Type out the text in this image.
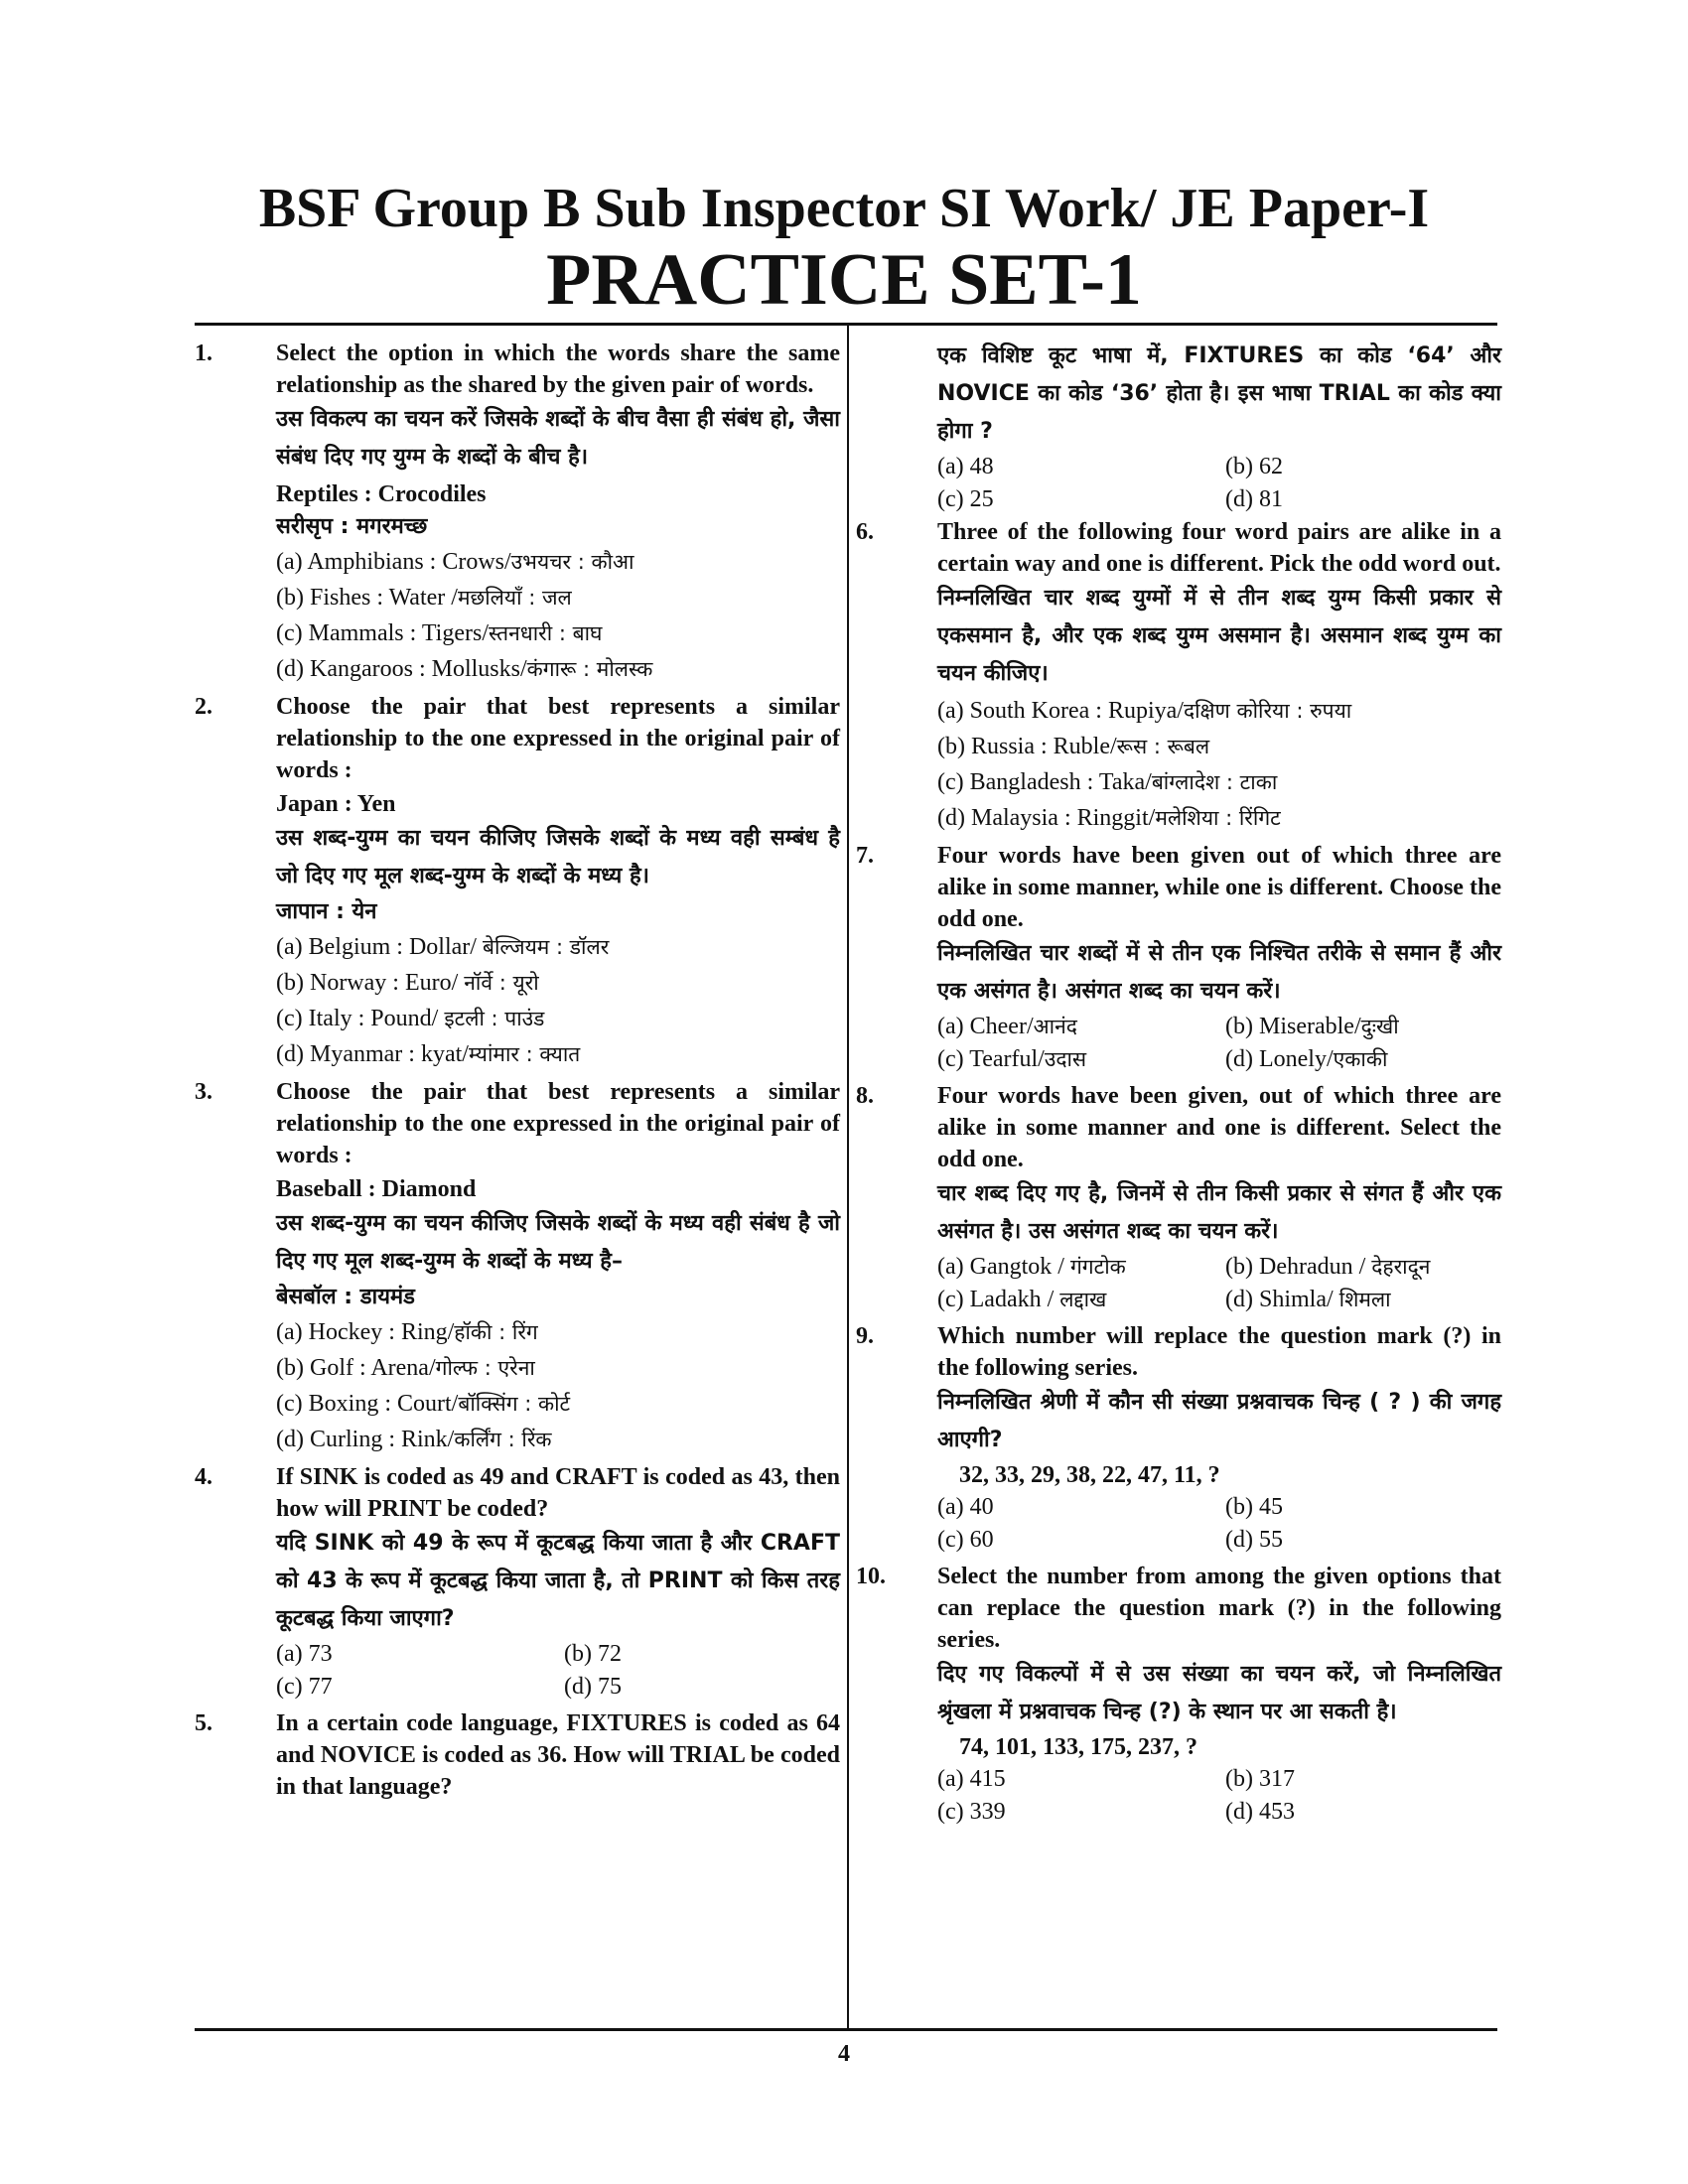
BSF Group B Sub Inspector SI Work/ JE Paper-I
PRACTICE SET-1
1.	Select the option in which the words share the same relationship as the shared by the given pair of words.
उस विकल्प का चयन करें जिसके शब्दों के बीच वैसा ही संबंध हो, जैसा संबंध दिए गए युग्म के शब्दों के बीच है।
Reptiles : Crocodiles
सरीसृप : मगरमच्छ
(a) Amphibians : Crows/उभयचर : कौआ
(b) Fishes : Water /मछलियाँ : जल
(c) Mammals : Tigers/स्तनधारी : बाघ
(d) Kangaroos : Mollusks/कंगारू : मोलस्क
2.	Choose the pair that best represents a similar relationship to the one expressed in the original pair of words :
Japan : Yen
उस शब्द-युग्म का चयन कीजिए जिसके शब्दों के मध्य वही सम्बंध है जो दिए गए मूल शब्द-युग्म के शब्दों के मध्य है।
जापान : येन
(a) Belgium : Dollar/ बेल्जियम : डॉलर
(b) Norway : Euro/ नॉर्वे : यूरो
(c) Italy : Pound/ इटली : पाउंड
(d) Myanmar : kyat/म्यांमार : क्यात
3.	Choose the pair that best represents a similar relationship to the one expressed in the original pair of words :
Baseball : Diamond
उस शब्द-युग्म का चयन कीजिए जिसके शब्दों के मध्य वही संबंध है जो दिए गए मूल शब्द-युग्म के शब्दों के मध्य है–
बेसबॉल : डायमंड
(a) Hockey : Ring/हॉकी : रिंग
(b) Golf : Arena/गोल्फ : एरेना
(c) Boxing : Court/बॉक्सिंग : कोर्ट
(d) Curling : Rink/कर्लिंग : रिंक
4.	If SINK is coded as 49 and CRAFT is coded as 43, then how will PRINT be coded?
यदि SINK को 49 के रूप में कूटबद्ध किया जाता है और CRAFT को 43 के रूप में कूटबद्ध किया जाता है, तो PRINT को किस तरह कूटबद्ध किया जाएगा?
(a) 73	(b) 72
(c) 77	(d) 75
5.	In a certain code language, FIXTURES is coded as 64 and NOVICE is coded as 36. How will TRIAL be coded in that language?
एक विशिष्ट कूट भाषा में, FIXTURES का कोड ‘64’ और NOVICE का कोड ‘36’ होता है। इस भाषा TRIAL का कोड क्या होगा ?
(a) 48	(b) 62
(c) 25	(d) 81
6.	Three of the following four word pairs are alike in a certain way and one is different. Pick the odd word out.
निम्नलिखित चार शब्द युग्मों में से तीन शब्द युग्म किसी प्रकार से एकसमान है, और एक शब्द युग्म असमान है। असमान शब्द युग्म का चयन कीजिए।
(a) South Korea : Rupiya/दक्षिण कोरिया : रुपया
(b) Russia : Ruble/रूस : रूबल
(c) Bangladesh : Taka/बांग्लादेश : टाका
(d) Malaysia : Ringgit/मलेशिया : रिंगिट
7.	Four words have been given out of which three are alike in some manner, while one is different. Choose the odd one.
निम्नलिखित चार शब्दों में से तीन एक निश्चित तरीके से समान हैं और एक असंगत है। असंगत शब्द का चयन करें।
(a) Cheer/आनंद	(b) Miserable/दुःखी
(c) Tearful/उदास	(d) Lonely/एकाकी
8.	Four words have been given, out of which three are alike in some manner and one is different. Select the odd one.
चार शब्द दिए गए है, जिनमें से तीन किसी प्रकार से संगत हैं और एक असंगत है। उस असंगत शब्द का चयन करें।
(a) Gangtok / गंगटोक	(b) Dehradun / देहरादून
(c) Ladakh / लद्दाख	(d) Shimla/ शिमला
9.	Which number will replace the question mark (?) in the following series.
निम्नलिखित श्रेणी में कौन सी संख्या प्रश्नवाचक चिन्ह ( ? ) की जगह आएगी?
32, 33, 29, 38, 22, 47, 11, ?
(a) 40	(b) 45
(c) 60	(d) 55
10. Select the number from among the given options that can replace the question mark (?) in the following series.
दिए गए विकल्पों में से उस संख्या का चयन करें, जो निम्नलिखित श्रृंखला में प्रश्नवाचक चिन्ह (?) के स्थान पर आ सकती है।
74, 101, 133, 175, 237, ?
(a) 415	(b) 317
(c) 339	(d) 453
4
